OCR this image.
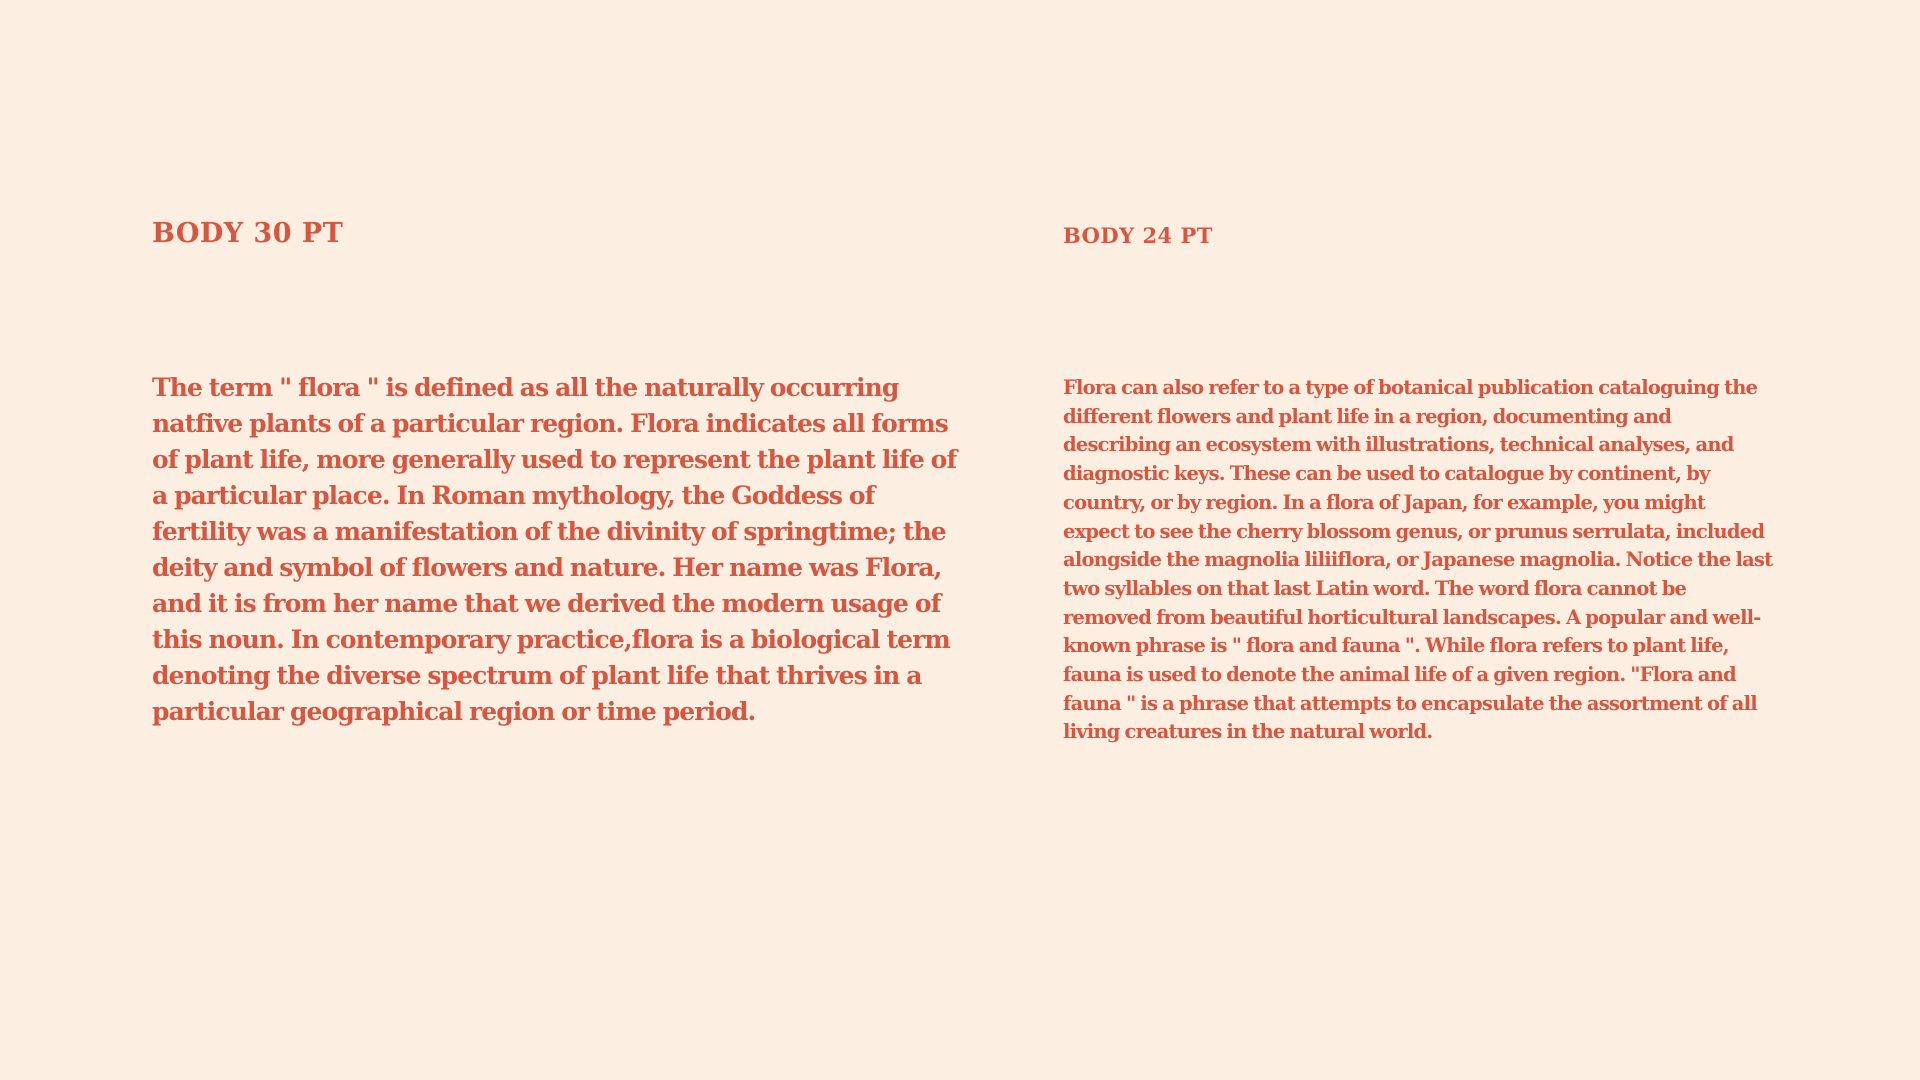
BODY 30 PT

The term " flora " is defined as all the naturally occurring natfive plants of a particular region. Flora indicates all forms of plant life, more generally used to represent the plant life of a particular place. In Roman mythology, the Goddess of fertility was a manifestation of the divinity of springtime; the deity and symbol of flowers and nature. Her name was Flora, and it is from her name that we derived the modern usage of this noun. In contemporary practice,flora is a biological term denoting the diverse spectrum of plant life that thrives in a particular geographical region or time period.

BODY 24 PT

Flora can also refer to a type of botanical publication cataloguing the different flowers and plant life in a region, documenting and describing an ecosystem with illustrations, technical analyses, and diagnostic keys. These can be used to catalogue by continent, by country, or by region. In a flora of Japan, for example, you might expect to see the cherry blossom genus, or prunus serrulata, included alongside the magnolia liliiflora, or Japanese magnolia. Notice the last two syllables on that last Latin word. The word flora cannot be removed from beautiful horticultural landscapes. A popular and well-known phrase is " flora and fauna ". While flora refers to plant life, fauna is used to denote the animal life of a given region. "Flora and fauna " is a phrase that attempts to encapsulate the assortment of all living creatures in the natural world.
